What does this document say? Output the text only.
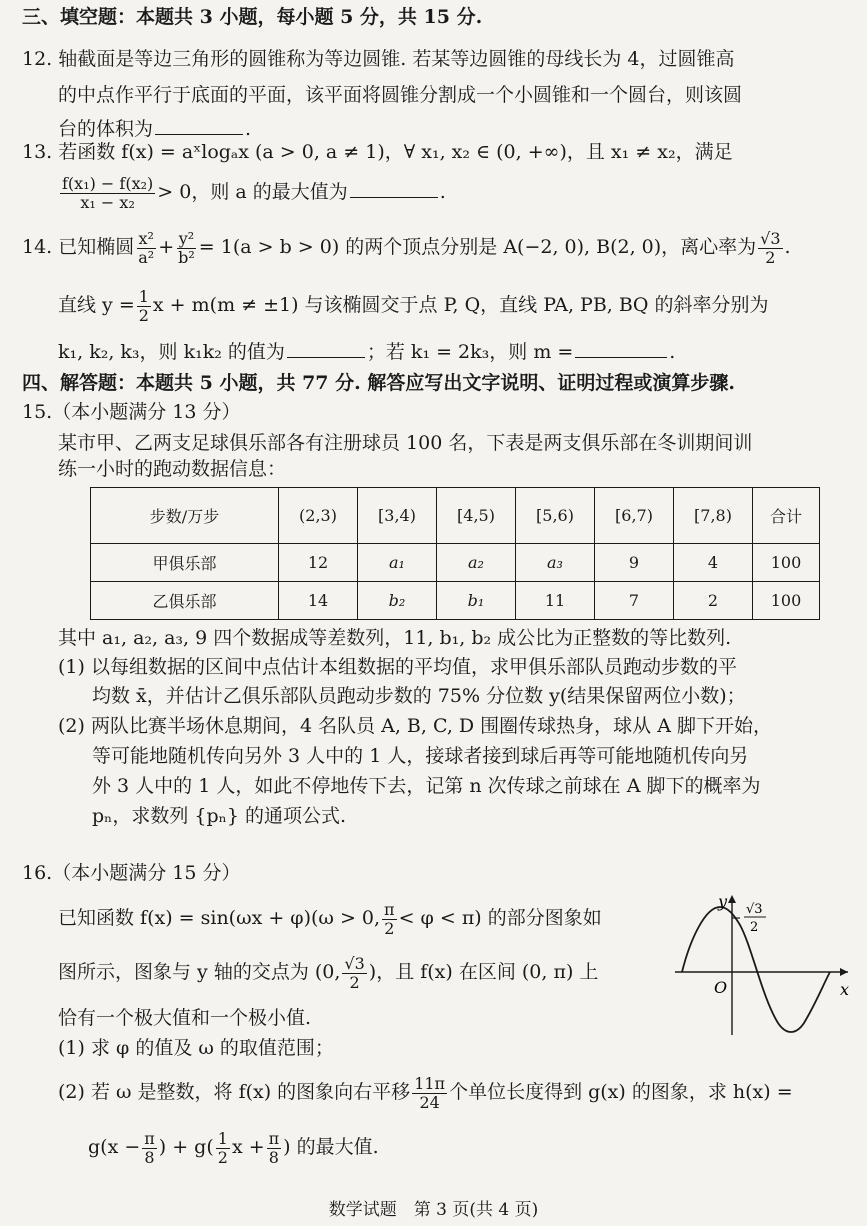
三、填空题：本题共 3 小题，每小题 5 分，共 15 分.
12. 轴截面是等边三角形的圆锥称为等边圆锥. 若某等边圆锥的母线长为 4，过圆锥高
的中点作平行于底面的平面，该平面将圆锥分割成一个小圆锥和一个圆台，则该圆
台的体积为	.
13. 若函数 f(x) = aˣlogₐx (a > 0, a ≠ 1)，∀ x₁, x₂ ∈ (0, +∞)，且 x₁ ≠ x₂，满足
$\frac{\text{f(x₁) − f(x₂)}}{\text{x₁ − x₂}} > 0$，则 a 的最大值为	.
14. 已知椭圆 $\frac{\text{x²}}{\text{a²}} + \frac{\text{y²}}{\text{b²}} = 1(a > b > 0)$ 的两个顶点分别是 A(−2, 0), B(2, 0)，离心率为 $\frac{√3}{2}$ .
直线 $y = \frac{1}{2}$ x + m(m ≠ ±1) 与该椭圆交于点 P, Q，直线 PA, PB, BQ 的斜率分别为
k₁, k₂, k₃，则 k₁k₂ 的值为	；若 k₁ = 2k₃，则 m =	.
四、解答题：本题共 5 小题，共 77 分. 解答应写出文字说明、证明过程或演算步骤.
15.（本小题满分 13 分）
某市甲、乙两支足球俱乐部各有注册球员 100 名，下表是两支俱乐部在冬训期间训
练一小时的跑动数据信息：
步数/万步	(2,3)	[3,4)	[4,5)	[5,6)	[6,7)	[7,8)	合计
甲俱乐部	12	a₁	a₂	a₃	9	4	100
乙俱乐部	14	b₂	b₁	11	7	2	100
其中 a₁, a₂, a₃, 9 四个数据成等差数列，11, b₁, b₂ 成公比为正整数的等比数列.
(1) 以每组数据的区间中点估计本组数据的平均值，求甲俱乐部队员跑动步数的平
均数 x̄，并估计乙俱乐部队员跑动步数的 75% 分位数 y(结果保留两位小数)；
(2) 两队比赛半场休息期间，4 名队员 A, B, C, D 围圈传球热身，球从 A 脚下开始，
等可能地随机传向另外 3 人中的 1 人，接球者接到球后再等可能地随机传向另
外 3 人中的 1 人，如此不停地传下去，记第 n 次传球之前球在 A 脚下的概率为
pₙ，求数列 {pₙ} 的通项公式.
16.（本小题满分 15 分）
已知函数 f(x) = sin(ωx + φ)(ω > 0, $\frac{\pi}{2} < \varphi < \pi$) 的部分图象如
图所示，图象与 y 轴的交点为 (0, $\frac{√3}{2}$ )，且 f(x) 在区间 (0, π) 上
恰有一个极大值和一个极小值.
(1) 求 φ 的值及 ω 的取值范围；
(2) 若 ω 是整数，将 f(x) 的图象向右平移 $\frac{11\pi}{24}$ 个单位长度得到 g(x) 的图象，求 h(x) =
$g(x - \frac{\pi}{8}$ ) + $g( \frac{1}{2}$ $x + \frac{\pi}{8}$ ) 的最大值.
y
x
O
√3
2
数学试题　第 3 页(共 4 页)
